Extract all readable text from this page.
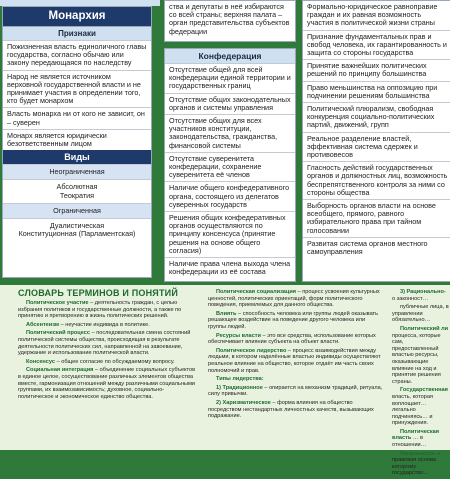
Монархия
Признаки
Пожизненная власть единоличного главы государства, согласно обычаю или закону передающаяся по наследству
Народ не является источником верховной государственной власти и не принимает участия в определении того, кто будет монархом
Власть монарха ни от кого не зависит, он – суверен
Монарх является юридически безответственным лицом
Виды
Неограниченная
Абсолютная
Теократия
Ограниченная
Дуалистическая
Конституционная (Парламентская)
ства и депутаты в неё избираются со всей страны; верхняя палата – орган представительства субъектов федерации
Конфедерация
Отсутствие общей для всей конфедерации единой территории и государственных границ
Отсутствие общих законодательных органов и системы управления
Отсутствие общих для всех участников конституции, законодательства, гражданства, финансовой системы
Отсутствие суверенитета конфедерации, сохранение суверенитета её членов
Наличие общего конфедеративного органа, состоящего из делегатов суверенных государств
Решения общих конфедеративных органов осуществляются по принципу консенсуса (принятие решения на основе общего согласия)
Наличие права члена выхода члена конфедерации из её состава
Формально-юридическое равноправие граждан и их равная возможность участия в политической жизни страны
Признание фундаментальных прав и свобод человека, их гарантированность и защита со стороны государства
Принятие важнейших политических решений по принципу большинства
Право меньшинства на оппозицию при подчинении решениям большинства
Политический плюрализм, свободная конкуренция социально-политических партий, движений, групп
Реальное разделение властей, эффективная система сдержек и противовесов
Гласность действий государственных органов и должностных лиц, возможность беспрепятственного контроля за ними со стороны общества
Выборность органов власти на основе всеобщего, прямого, равного избирательного права при тайном голосовании
Развитая система органов местного самоуправления
СЛОВАРЬ ТЕРМИНОВ И ПОНЯТИЙ
Политическое участие – деятельность граждан, с целью избрания политиков и государственные должности, а также по принятию и претворению в жизнь политических решений.
Абсентеизм – неучастие индивида в политике.
Политический процесс – последовательная смена состояний политической системы общества, происходящая в результате деятельности политических сил, направленной на завоевание, удержание и использование политической власти.
Консенсус – общее согласие по обсуждаемому вопросу.
Социальная интеграция – объединение социальных субъектов в единое целое, сосуществование различных элементов общества вместе, гармонизация отношений между различными социальными группами, их взаимозависимость; духовное, социально-политическое и экономическое единство общества.
Политическая социализация – процесс усвоения культурных ценностей, политических ориентаций, форм политического поведения, приемлемых для данного общества.
Влиять – способность человека или группы людей оказывать решающее воздействие на поведение другого человека или группы людей.
Ресурсы власти – это все средства, использование которых обеспечивает влияние субъекта на объект власти.
Политическое лидерство – процесс взаимодействия между людьми, в котором наделённые властью индивиды осуществляют реальное влияние на общество, которое отдаёт им часть своих полномочий и прав.
Типы лидерства:
1) Традиционное – опирается на механизм традиций, ритуала, силу привычки.
2) Харизматическое – форма влияния на общество посредством нестандартных личностных качеств, вызывающих подражание.
3) Рационально- о законност…
публичные лица, в управлении обязательно…
Политический ли процесса, которые сам, предоставленный властью ресурсы, оказывающие влияние на ход и принятие решения страны.
Государственная власть, которая воплощает… легально подчиняясь… и принуждения.
Политическая власть … в отношении…
Легальность – правовая основа которому государство…
